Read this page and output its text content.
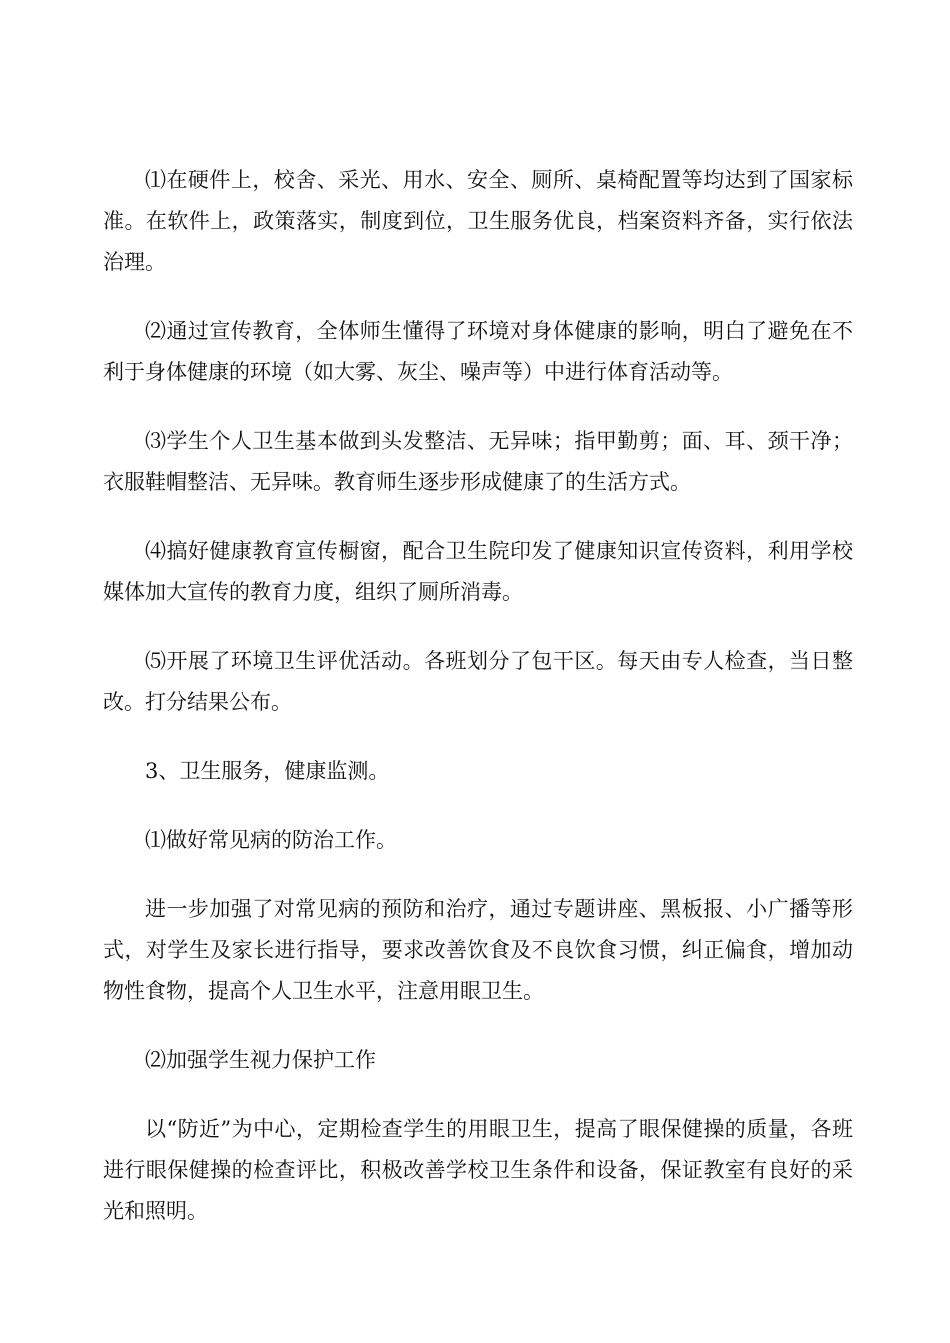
⑴在硬件上，校舍、采光、用水、安全、厕所、桌椅配置等均达到了国家标准。在软件上，政策落实，制度到位，卫生服务优良，档案资料齐备，实行依法治理。

⑵通过宣传教育，全体师生懂得了环境对身体健康的影响，明白了避免在不利于身体健康的环境（如大雾、灰尘、噪声等）中进行体育活动等。

⑶学生个人卫生基本做到头发整洁、无异味；指甲勤剪；面、耳、颈干净；衣服鞋帽整洁、无异味。教育师生逐步形成健康了的生活方式。

⑷搞好健康教育宣传橱窗，配合卫生院印发了健康知识宣传资料，利用学校媒体加大宣传的教育力度，组织了厕所消毒。

⑸开展了环境卫生评优活动。各班划分了包干区。每天由专人检查，当日整改。打分结果公布。

3、卫生服务，健康监测。

⑴做好常见病的防治工作。

进一步加强了对常见病的预防和治疗，通过专题讲座、黑板报、小广播等形式，对学生及家长进行指导，要求改善饮食及不良饮食习惯，纠正偏食，增加动物性食物，提高个人卫生水平，注意用眼卫生。

⑵加强学生视力保护工作

以“防近”为中心，定期检查学生的用眼卫生，提高了眼保健操的质量，各班进行眼保健操的检查评比，积极改善学校卫生条件和设备，保证教室有良好的采光和照明。
